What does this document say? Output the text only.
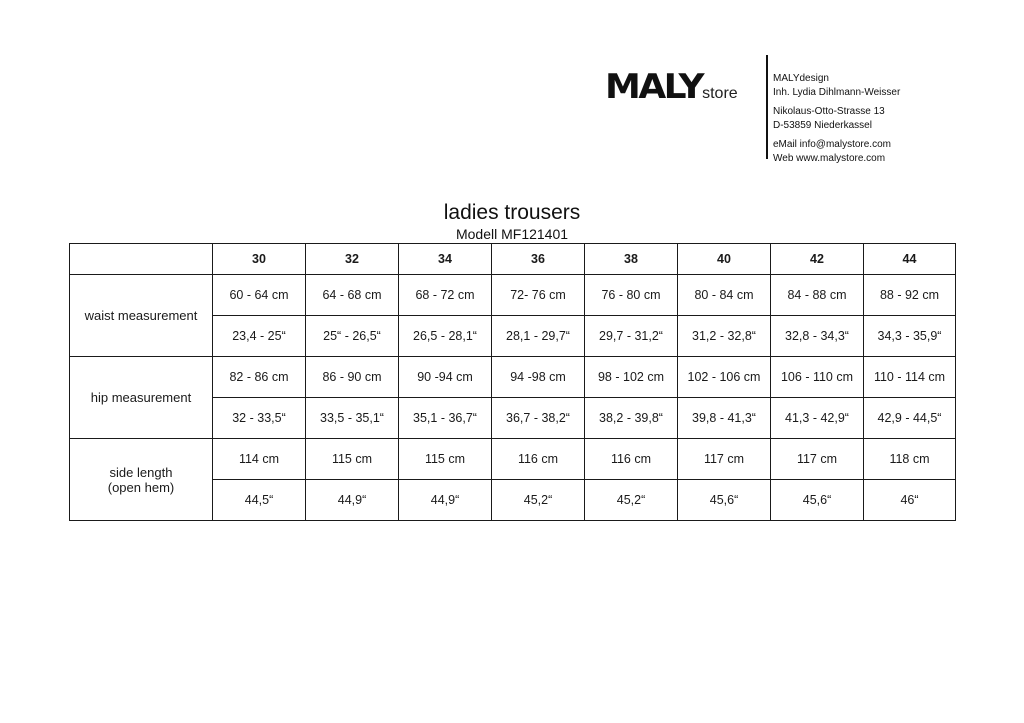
MALY store
MALYdesign
Inh. Lydia Dihlmann-Weisser
Nikolaus-Otto-Strasse 13
D-53859 Niederkassel
eMail info@malystore.com
Web www.malystore.com
ladies trousers
Modell MF121401
	30	32	34	36	38	40	42	44
waist measurement	60 - 64 cm	64 - 68 cm	68 - 72 cm	72- 76 cm	76 - 80 cm	80 - 84 cm	84 - 88 cm	88 - 92 cm
	23,4 - 25“	25“ - 26,5“	26,5 - 28,1“	28,1 - 29,7“	29,7 - 31,2“	31,2 - 32,8“	32,8 - 34,3“	34,3 - 35,9“
hip measurement	82 - 86 cm	86 - 90 cm	90 -94 cm	94 -98 cm	98 - 102 cm	102 - 106 cm	106 - 110 cm	110 - 114 cm
	32 - 33,5“	33,5 - 35,1“	35,1 - 36,7“	36,7 - 38,2“	38,2 - 39,8“	39,8 - 41,3“	41,3 - 42,9“	42,9 - 44,5“

side length
(open hem)	114 cm	115 cm	115 cm	116 cm	116 cm	117 cm	117 cm	118 cm
	44,5“	44,9“	44,9“	45,2“	45,2“	45,6“	45,6“	46“
